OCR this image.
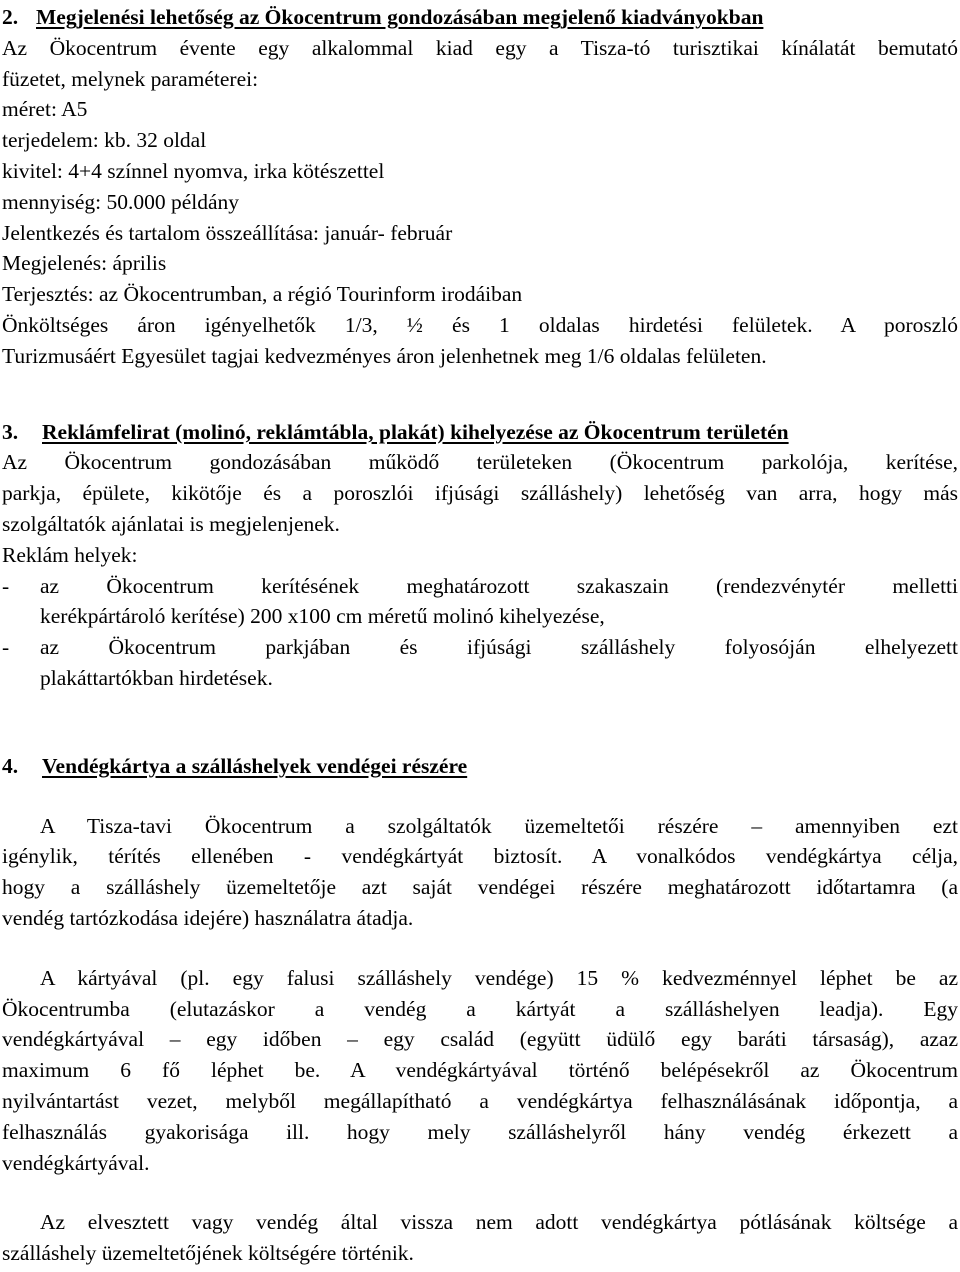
2. Megjelenési lehetőség az Ökocentrum gondozásában megjelenő kiadványokban
Az Ökocentrum évente egy alkalommal kiad egy a Tisza-tó turisztikai kínálatát bemutató
füzetet, melynek paraméterei:
méret: A5
terjedelem: kb. 32 oldal
kivitel: 4+4 színnel nyomva, irka kötészettel
mennyiség: 50.000 példány
Jelentkezés és tartalom összeállítása: január- február
Megjelenés: április
Terjesztés: az Ökocentrumban, a régió Tourinform irodáiban
Önköltséges áron igényelhetők 1/3, ½ és 1 oldalas hirdetési felületek. A poroszló
Turizmusáért Egyesület tagjai kedvezményes áron jelenhetnek meg 1/6 oldalas felületen.
3. Reklámfelirat (molinó, reklámtábla, plakát) kihelyezése az Ökocentrum területén
Az Ökocentrum gondozásában működő területeken (Ökocentrum parkolója, kerítése,
parkja, épülete, kikötője és a poroszlói ifjúsági szálláshely) lehetőség van arra, hogy más
szolgáltatók ajánlatai is megjelenjenek.
Reklám helyek:
- az Ökocentrum kerítésének meghatározott szakaszain (rendezvénytér melletti
kerékpártároló kerítése) 200 x100 cm méretű molinó kihelyezése,
- az Ökocentrum parkjában és ifjúsági szálláshely folyosóján elhelyezett
plakáttartókban hirdetések.
4. Vendégkártya a szálláshelyek vendégei részére
A Tisza-tavi Ökocentrum a szolgáltatók üzemeltetői részére – amennyiben ezt
igénylik, térítés ellenében - vendégkártyát biztosít. A vonalkódos vendégkártya célja,
hogy a szálláshely üzemeltetője azt saját vendégei részére meghatározott időtartamra (a
vendég tartózkodása idejére) használatra átadja.
A kártyával (pl. egy falusi szálláshely vendége) 15 % kedvezménnyel léphet be az
Ökocentrumba (elutazáskor a vendég a kártyát a szálláshelyen leadja). Egy
vendégkártyával – egy időben – egy család (együtt üdülő egy baráti társaság), azaz
maximum 6 fő léphet be. A vendégkártyával történő belépésekről az Ökocentrum
nyilvántartást vezet, melyből megállapítható a vendégkártya felhasználásának időpontja, a
felhasználás gyakorisága ill. hogy mely szálláshelyről hány vendég érkezett a
vendégkártyával.
Az elvesztett vagy vendég által vissza nem adott vendégkártya pótlásának költsége a
szálláshely üzemeltetőjének költségére történik.
